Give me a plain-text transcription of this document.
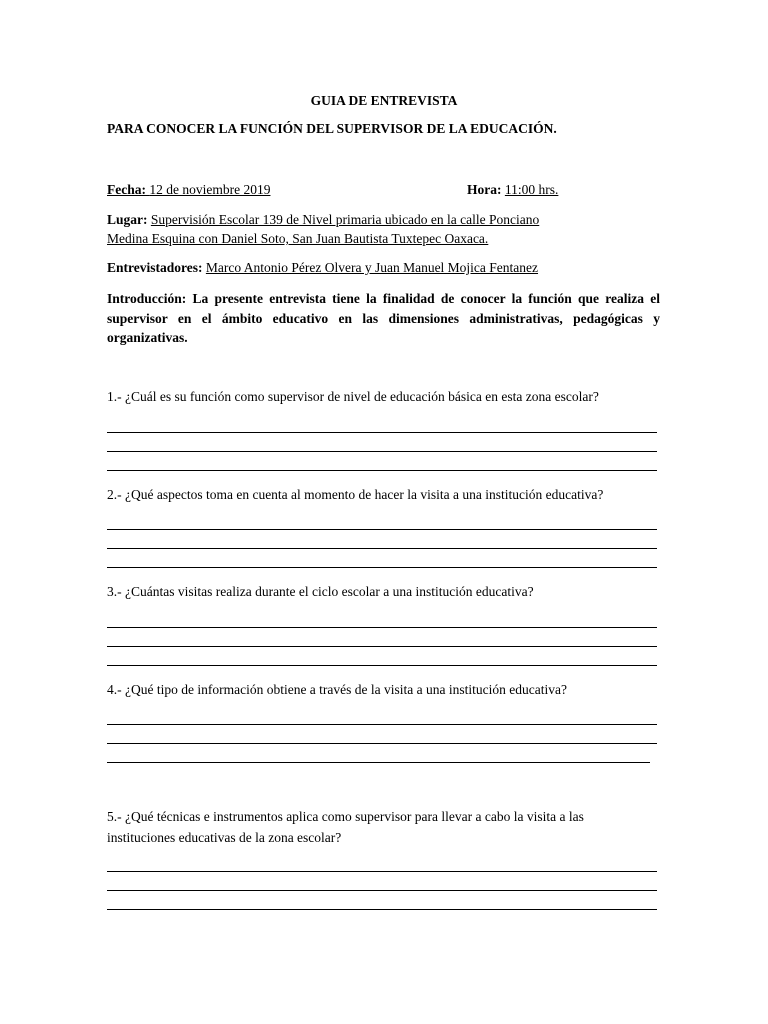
GUIA DE ENTREVISTA
PARA CONOCER LA FUNCIÓN DEL SUPERVISOR DE LA EDUCACIÓN.
Fecha: 12 de noviembre 2019	Hora: 11:00 hrs.
Lugar: Supervisión Escolar 139 de Nivel primaria ubicado en la calle Ponciano
Medina Esquina con Daniel Soto, San Juan Bautista Tuxtepec Oaxaca.
Entrevistadores: Marco Antonio Pérez Olvera y Juan Manuel Mojica Fentanez
Introducción: La presente entrevista tiene la finalidad de conocer la función que realiza el supervisor en el ámbito educativo en las dimensiones administrativas, pedagógicas y organizativas.
1.- ¿Cuál es su función como supervisor de nivel de educación básica en esta zona escolar?
2.- ¿Qué aspectos toma en cuenta al momento de hacer la visita a una institución educativa?
3.- ¿Cuántas visitas realiza durante el ciclo escolar a una institución educativa?
4.- ¿Qué tipo de información obtiene a través de la visita a una institución educativa?
5.- ¿Qué técnicas e instrumentos aplica como supervisor para llevar a cabo la visita a las instituciones educativas de la zona escolar?
